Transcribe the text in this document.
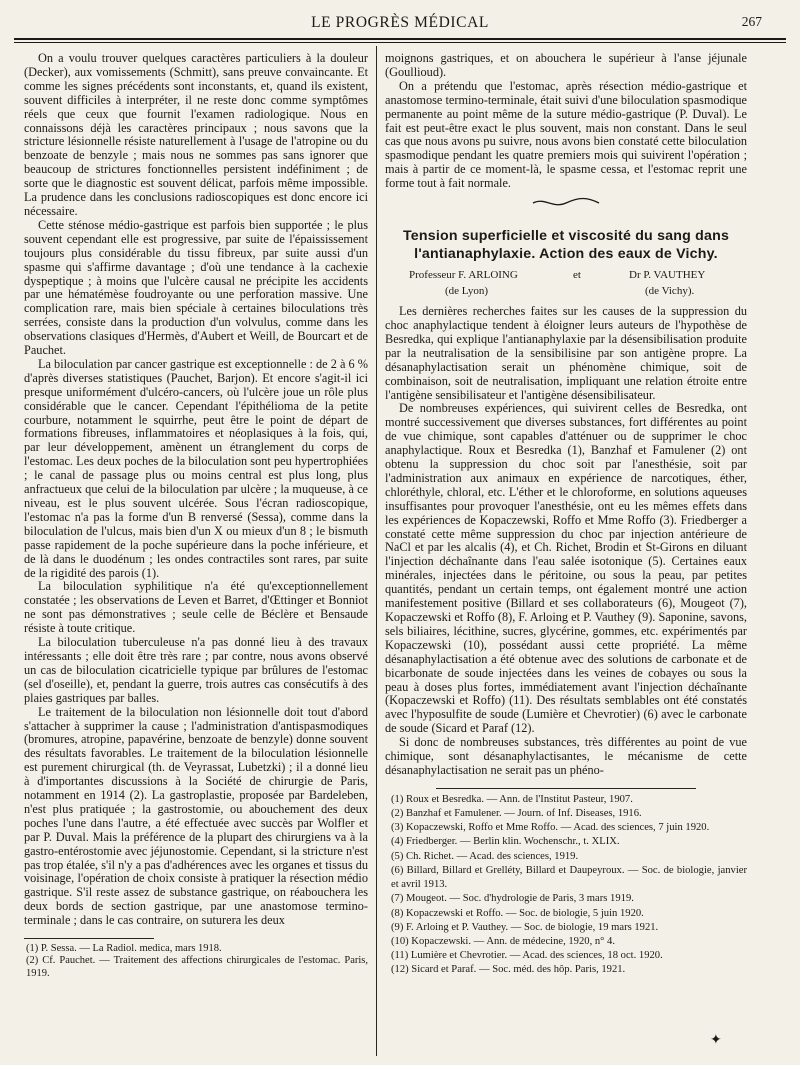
LE PROGRÈS MÉDICAL	267

On a voulu trouver quelques caractères particuliers à la douleur (Decker), aux vomissements (Schmitt), sans preuve convaincante. Et comme les signes précédents sont inconstants, et, quand ils existent, souvent difficiles à interpréter, il ne reste donc comme symptômes réels que ceux que fournit l'examen radiologique. Nous en connaissons déjà les caractères principaux ; nous savons que la stricture lésionnelle résiste naturellement à l'usage de l'atropine ou du benzoate de benzyle ; mais nous ne sommes pas sans ignorer que beaucoup de strictures fonctionnelles persistent indéfiniment ; de sorte que le diagnostic est souvent délicat, parfois même impossible. La prudence dans les conclusions radioscopiques est donc encore ici nécessaire.

Cette sténose médio-gastrique est parfois bien supportée ; le plus souvent cependant elle est progressive, par suite de l'épaississement toujours plus considérable du tissu fibreux, par suite aussi d'un spasme qui s'affirme davantage ; d'où une tendance à la cachexie dyspeptique ; à moins que l'ulcère causal ne précipite les accidents par une hématémèse foudroyante ou une perforation massive. Une complication rare, mais bien spéciale à certaines biloculations très serrées, consiste dans la production d'un volvulus, comme dans les observations clasiques d'Hermès, d'Aubert et Weill, de Bourcart et de Pauchet.

La biloculation par cancer gastrique est exceptionnelle : de 2 à 6 % d'après diverses statistiques (Pauchet, Barjon). Et encore s'agit-il ici presque uniformément d'ulcéro-cancers, où l'ulcère joue un rôle plus considérable que le cancer. Cependant l'épithélioma de la petite courbure, notamment le squirrhe, peut être le point de départ de formations fibreuses, inflammatoires et néoplasiques à la fois, qui, par leur développement, amènent un étranglement du corps de l'estomac. Les deux poches de la biloculation sont peu hypertrophiées ; le canal de passage plus ou moins central est plus long, plus anfractueux que celui de la biloculation par ulcère ; la muqueuse, à ce niveau, est le plus souvent ulcérée. Sous l'écran radioscopique, l'estomac n'a pas la forme d'un B renversé (Sessa), comme dans la biloculation de l'ulcus, mais bien d'un X ou mieux d'un 8 ; le bismuth passe rapidement de la poche supérieure dans la poche inférieure, et de là dans le duodénum ; les ondes contractiles sont rares, par suite de la rigidité des parois (1).

La biloculation syphilitique n'a été qu'exceptionnellement constatée ; les observations de Leven et Barret, d'Œttinger et Bonniot ne sont pas démonstratives ; seule celle de Béclère et Bensaude résiste à toute critique.

La biloculation tuberculeuse n'a pas donné lieu à des travaux intéressants ; elle doit être très rare ; par contre, nous avons observé un cas de biloculation cicatricielle typique par brûlures de l'estomac (sel d'oseille), et, pendant la guerre, trois autres cas consécutifs à des plaies gastriques par balles.

Le traitement de la biloculation non lésionnelle doit tout d'abord s'attacher à supprimer la cause ; l'administration d'antispasmodiques (bromures, atropine, papavérine, benzoate de benzyle) donne souvent des résultats favorables. Le traitement de la biloculation lésionnelle est purement chirurgical (th. de Veyrassat, Lubetzki) ; il a donné lieu à d'importantes discussions à la Société de chirurgie de Paris, notamment en 1914 (2). La gastroplastie, proposée par Bardeleben, n'est plus pratiquée ; la gastrostomie, ou abouchement des deux poches l'une dans l'autre, a été effectuée avec succès par Wolfler et par P. Duval. Mais la préférence de la plupart des chirurgiens va à la gastro-entérostomie avec jéjunostomie. Cependant, si la stricture n'est pas trop étalée, s'il n'y a pas d'adhérences avec les organes et tissus du voisinage, l'opération de choix consiste à pratiquer la résection médio gastrique. S'il reste assez de substance gastrique, on réabouchera les deux bords de section gastrique, par une anastomose termino-terminale ; dans le cas contraire, on suturera les deux

(1) P. Sessa. — La Radiol. medica, mars 1918.
(2) Cf. Pauchet. — Traitement des affections chirurgicales de l'estomac. Paris, 1919.

moignons gastriques, et on abouchera le supérieur à l'anse jéjunale (Goullioud).

On a prétendu que l'estomac, après résection médio-gastrique et anastomose termino-terminale, était suivi d'une biloculation spasmodique permanente au point même de la suture médio-gastrique (P. Duval). Le fait est peut-être exact le plus souvent, mais non constant. Dans le seul cas que nous avons pu suivre, nous avons bien constaté cette biloculation spasmodique pendant les quatre premiers mois qui suivirent l'opération ; mais à partir de ce moment-là, le spasme cessa, et l'estomac reprit une forme tout à fait normale.

Tension superficielle et viscosité du sang dans
l'antianaphylaxie. Action des eaux de Vichy.
Professeur F. ARLOING	et	Dr P. VAUTHEY
(de Lyon)	(de Vichy).

Les dernières recherches faites sur les causes de la suppression du choc anaphylactique tendent à éloigner leurs auteurs de l'hypothèse de Besredka, qui explique l'antianaphylaxie par la désensibilisation produite par la neutralisation de la sensibilisine par son antigène propre. La désanaphylactisation serait un phénomène chimique, soit de combinaison, soit de neutralisation, impliquant une relation étroite entre l'antigène sensibilisateur et l'antigène désensibilisateur.

De nombreuses expériences, qui suivirent celles de Besredka, ont montré successivement que diverses substances, fort différentes au point de vue chimique, sont capables d'atténuer ou de supprimer le choc anaphylactique. Roux et Besredka (1), Banzhaf et Famulener (2) ont obtenu la suppression du choc soit par l'anesthésie, soit par l'administration aux animaux en expérience de narcotiques, éther, chloréthyle, chloral, etc. L'éther et le chloroforme, en solutions aqueuses insuffisantes pour provoquer l'anesthésie, ont eu les mêmes effets dans les expériences de Kopaczewski, Roffo et Mme Roffo (3). Friedberger a constaté cette même suppression du choc par injection antérieure de NaCl et par les alcalis (4), et Ch. Richet, Brodin et St-Girons en diluant l'injection déchaînante dans l'eau salée isotonique (5). Certaines eaux minérales, injectées dans le péritoine, ou sous la peau, par petites quantités, pendant un certain temps, ont également montré une action manifestement positive (Billard et ses collaborateurs (6), Mougeot (7), Kopaczewski et Roffo (8), F. Arloing et P. Vauthey (9). Saponine, savons, sels biliaires, lécithine, sucres, glycérine, gommes, etc. expérimentés par Kopaczewski (10), possédant aussi cette propriété. La même désanaphylactisation a été obtenue avec des solutions de carbonate et de bicarbonate de soude injectées dans les veines de cobayes ou sous la peau à doses plus fortes, immédiatement avant l'injection déchaînante (Kopaczewski et Roffo) (11). Des résultats semblables ont été constatés avec l'hyposulfite de soude (Lumière et Chevrotier) (6) avec le carbonate de soude (Sicard et Paraf (12).

Si donc de nombreuses substances, très différentes au point de vue chimique, sont désanaphylactisantes, le mécanisme de cette désanaphylactisation ne serait pas un phéno-

(1) Roux et Besredka. — Ann. de l'Institut Pasteur, 1907.
(2) Banzhaf et Famulener. — Journ. of Inf. Diseases, 1916.
(3) Kopaczewski, Roffo et Mme Roffo. — Acad. des sciences, 7 juin 1920.
(4) Friedberger. — Berlin klin. Wochenschr., t. XLIX.
(5) Ch. Richet. — Acad. des sciences, 1919.
(6) Billard, Billard et Grelléty, Billard et Daupeyroux. — Soc. de biologie, janvier et avril 1913.
(7) Mougeot. — Soc. d'hydrologie de Paris, 3 mars 1919.
(8) Kopaczewski et Roffo. — Soc. de biologie, 5 juin 1920.
(9) F. Arloing et P. Vauthey. — Soc. de biologie, 19 mars 1921.
(10) Kopaczewski. — Ann. de médecine, 1920, n° 4.
(11) Lumière et Chevrotier. — Acad. des sciences, 18 oct. 1920.
(12) Sicard et Paraf. — Soc. méd. des hôp. Paris, 1921.
✦
